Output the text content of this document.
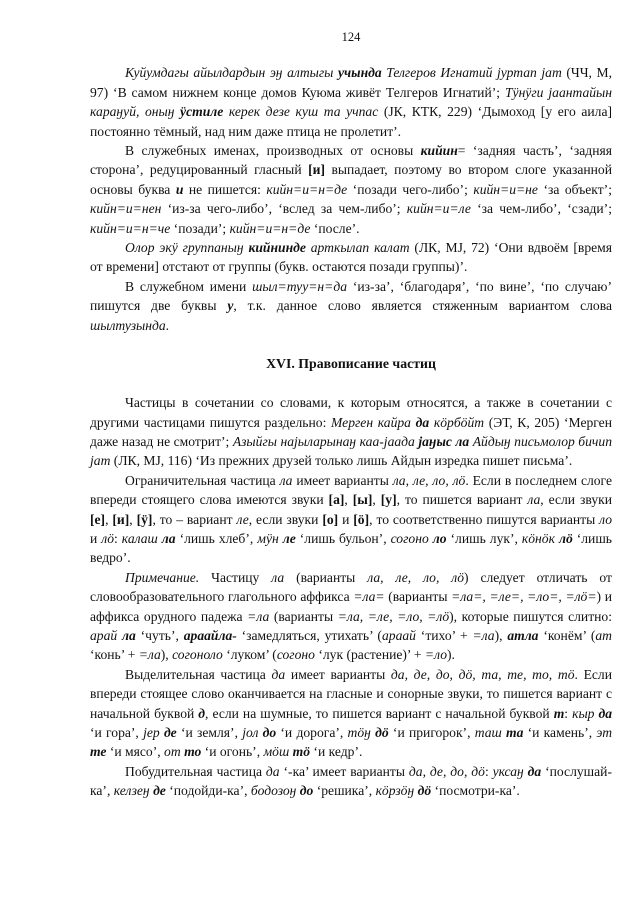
124

Куйумдагы айылдардын эӈ алтыгы учында Телгеров Игнатий јуртап јат (ЧЧ, М, 97) ‘В самом нижнем конце домов Куюма живёт Телгеров Игнатий’; Тӱнӱги јаантайын караӈуй, оныӈ ӱстиле керек дезе куш та учпас (ЈК, КТК, 229) ‘Дымоход [у его аила] постоянно тёмный, над ним даже птица не пролетит’.

В служебных именах, производных от основы кийин= ‘задняя часть’, ‘задняя сторона’, редуцированный гласный [и] выпадает, поэтому во втором слоге указанной основы буква и не пишется: кийн=и=н=де ‘позади чего-либо’; кийн=и=не ‘за объект’; кийн=и=нен ‘из-за чего-либо’, ‘вслед за чем-либо’; кийн=и=ле ‘за чем-либо’, ‘сзади’; кийн=и=н=че ‘позади’; кийн=и=н=де ‘после’.

Олор экӱ группаныӈ кийнинде арткылап калат (ЛК, МЈ, 72) ‘Они вдвоём [время от времени] отстают от группы (букв. остаются позади группы)’.

В служебном имени шыл=туу=н=да ‘из-за’, ‘благодаря’, ‘по вине’, ‘по случаю’ пишутся две буквы у, т.к. данное слово является стяженным вариантом слова шылтузында.

XVI. Правописание частиц

Частицы в сочетании со словами, к которым относятся, а также в сочетании с другими частицами пишутся раздельно: Мерген кайра да кöрбöйт (ЭТ, К, 205) ‘Мерген даже назад не смотрит’; Азыйгы најыларынаӈ каа-јаада јаӈыс ла Айдыӈ письмолор бичип јат (ЛК, МЈ, 116) ‘Из прежних друзей только лишь Айдын изредка пишет письма’.

Ограничительная частица ла имеет варианты ла, ле, ло, лö. Если в последнем слоге впереди стоящего слова имеются звуки [а], [ы], [у], то пишется вариант ла, если звуки [е], [и], [ӱ], то – вариант ле, если звуки [о] и [ö], то соответственно пишутся варианты ло и лö: калаш ла ‘лишь хлеб’, мӱн ле ‘лишь бульон’, согоно ло ‘лишь лук’, кöнöк лö ‘лишь ведро’.

Примечание. Частицу ла (варианты ла, ле, ло, лö) следует отличать от словообразовательного глагольного аффикса =ла= (варианты =ла=, =ле=, =ло=, =лö=) и аффикса орудного падежа =ла (варианты =ла, =ле, =ло, =лö), которые пишутся слитно: арай ла ‘чуть’, араайла- ‘замедляться, утихать’ (араай ‘тихо’ + =ла), атла ‘конём’ (ат ‘конь’ + =ла), согоноло ‘луком’ (согоно ‘лук (растение)’ + =ло).

Выделительная частица да имеет варианты да, де, до, дö, та, те, то, тö. Если впереди стоящее слово оканчивается на гласные и сонорные звуки, то пишется вариант с начальной буквой д, если на шумные, то пишется вариант с начальной буквой т: кыр да ‘и гора’, јер де ‘и земля’, јол до ‘и дорога’, тöӈ дö ‘и пригорок’, таш та ‘и камень’, эт те ‘и мясо’, от то ‘и огонь’, мöш тö ‘и кедр’.

Побудительная частица да ‘-ка’ имеет варианты да, де, до, дö: уксаӈ да ‘послушай-ка’, келзеӈ де ‘подойди-ка’, бодозоӈ до ‘решика’, кöрзöӈ дö ‘посмотри-ка’.
